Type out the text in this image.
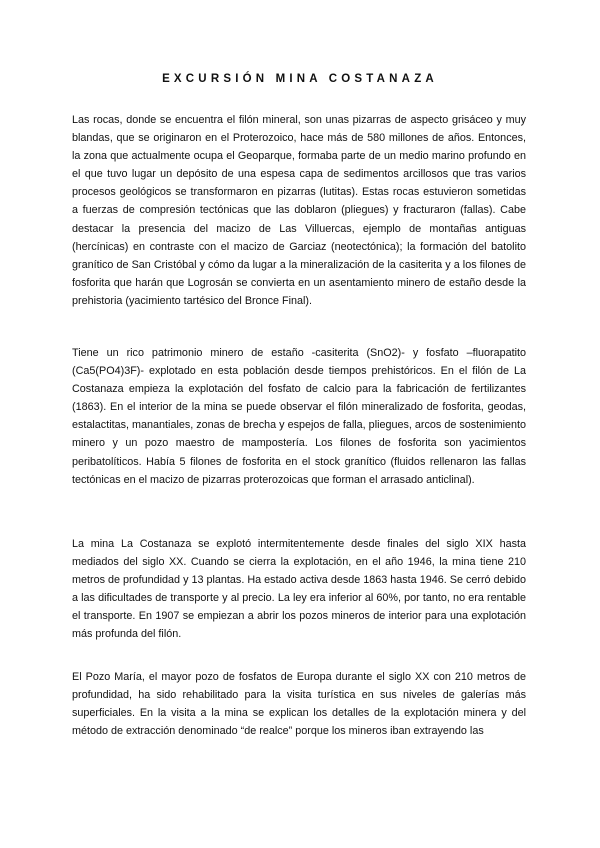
EXCURSIÓN MINA COSTANAZA

Las rocas, donde se encuentra el filón mineral, son unas pizarras de aspecto grisáceo y muy blandas, que se originaron en el Proterozoico, hace más de 580 millones de años. Entonces, la zona que actualmente ocupa el Geoparque, formaba parte de un medio marino profundo en el que tuvo lugar un depósito de una espesa capa de sedimentos arcillosos que tras varios procesos geológicos se transformaron en pizarras (lutitas). Estas rocas estuvieron sometidas a fuerzas de compresión tectónicas que las doblaron (pliegues) y fracturaron (fallas). Cabe destacar la presencia del macizo de Las Villuercas, ejemplo de montañas antiguas (hercínicas) en contraste con el macizo de Garciaz (neotectónica); la formación del batolito granítico de San Cristóbal y cómo da lugar a la mineralización de la casiterita y a los filones de fosforita que harán que Logrosán se convierta en un asentamiento minero de estaño desde la prehistoria (yacimiento tartésico del Bronce Final).

Tiene un rico patrimonio minero de estaño -casiterita (SnO2)- y fosfato –fluorapatito (Ca5(PO4)3F)- explotado en esta población desde tiempos prehistóricos. En el filón de La Costanaza empieza la explotación del fosfato de calcio para la fabricación de fertilizantes (1863). En el interior de la mina se puede observar el filón mineralizado de fosforita, geodas, estalactitas, manantiales, zonas de brecha y espejos de falla, pliegues, arcos de sostenimiento minero y un pozo maestro de mampostería. Los filones de fosforita son yacimientos peribatolíticos. Había 5 filones de fosforita en el stock granítico (fluidos rellenaron las fallas tectónicas en el macizo de pizarras proterozoicas que forman el arrasado anticlinal).

La mina La Costanaza se explotó intermitentemente desde finales del siglo XIX hasta mediados del siglo XX. Cuando se cierra la explotación, en el año 1946, la mina tiene 210 metros de profundidad y 13 plantas. Ha estado activa desde 1863 hasta 1946. Se cerró debido a las dificultades de transporte y al precio. La ley era inferior al 60%, por tanto, no era rentable el transporte. En 1907 se empiezan a abrir los pozos mineros de interior para una explotación más profunda del filón.

El Pozo María, el mayor pozo de fosfatos de Europa durante el siglo XX con 210 metros de profundidad, ha sido rehabilitado para la visita turística en sus niveles de galerías más superficiales. En la visita a la mina se explican los detalles de la explotación minera y del método de extracción denominado “de realce” porque los mineros iban extrayendo las
